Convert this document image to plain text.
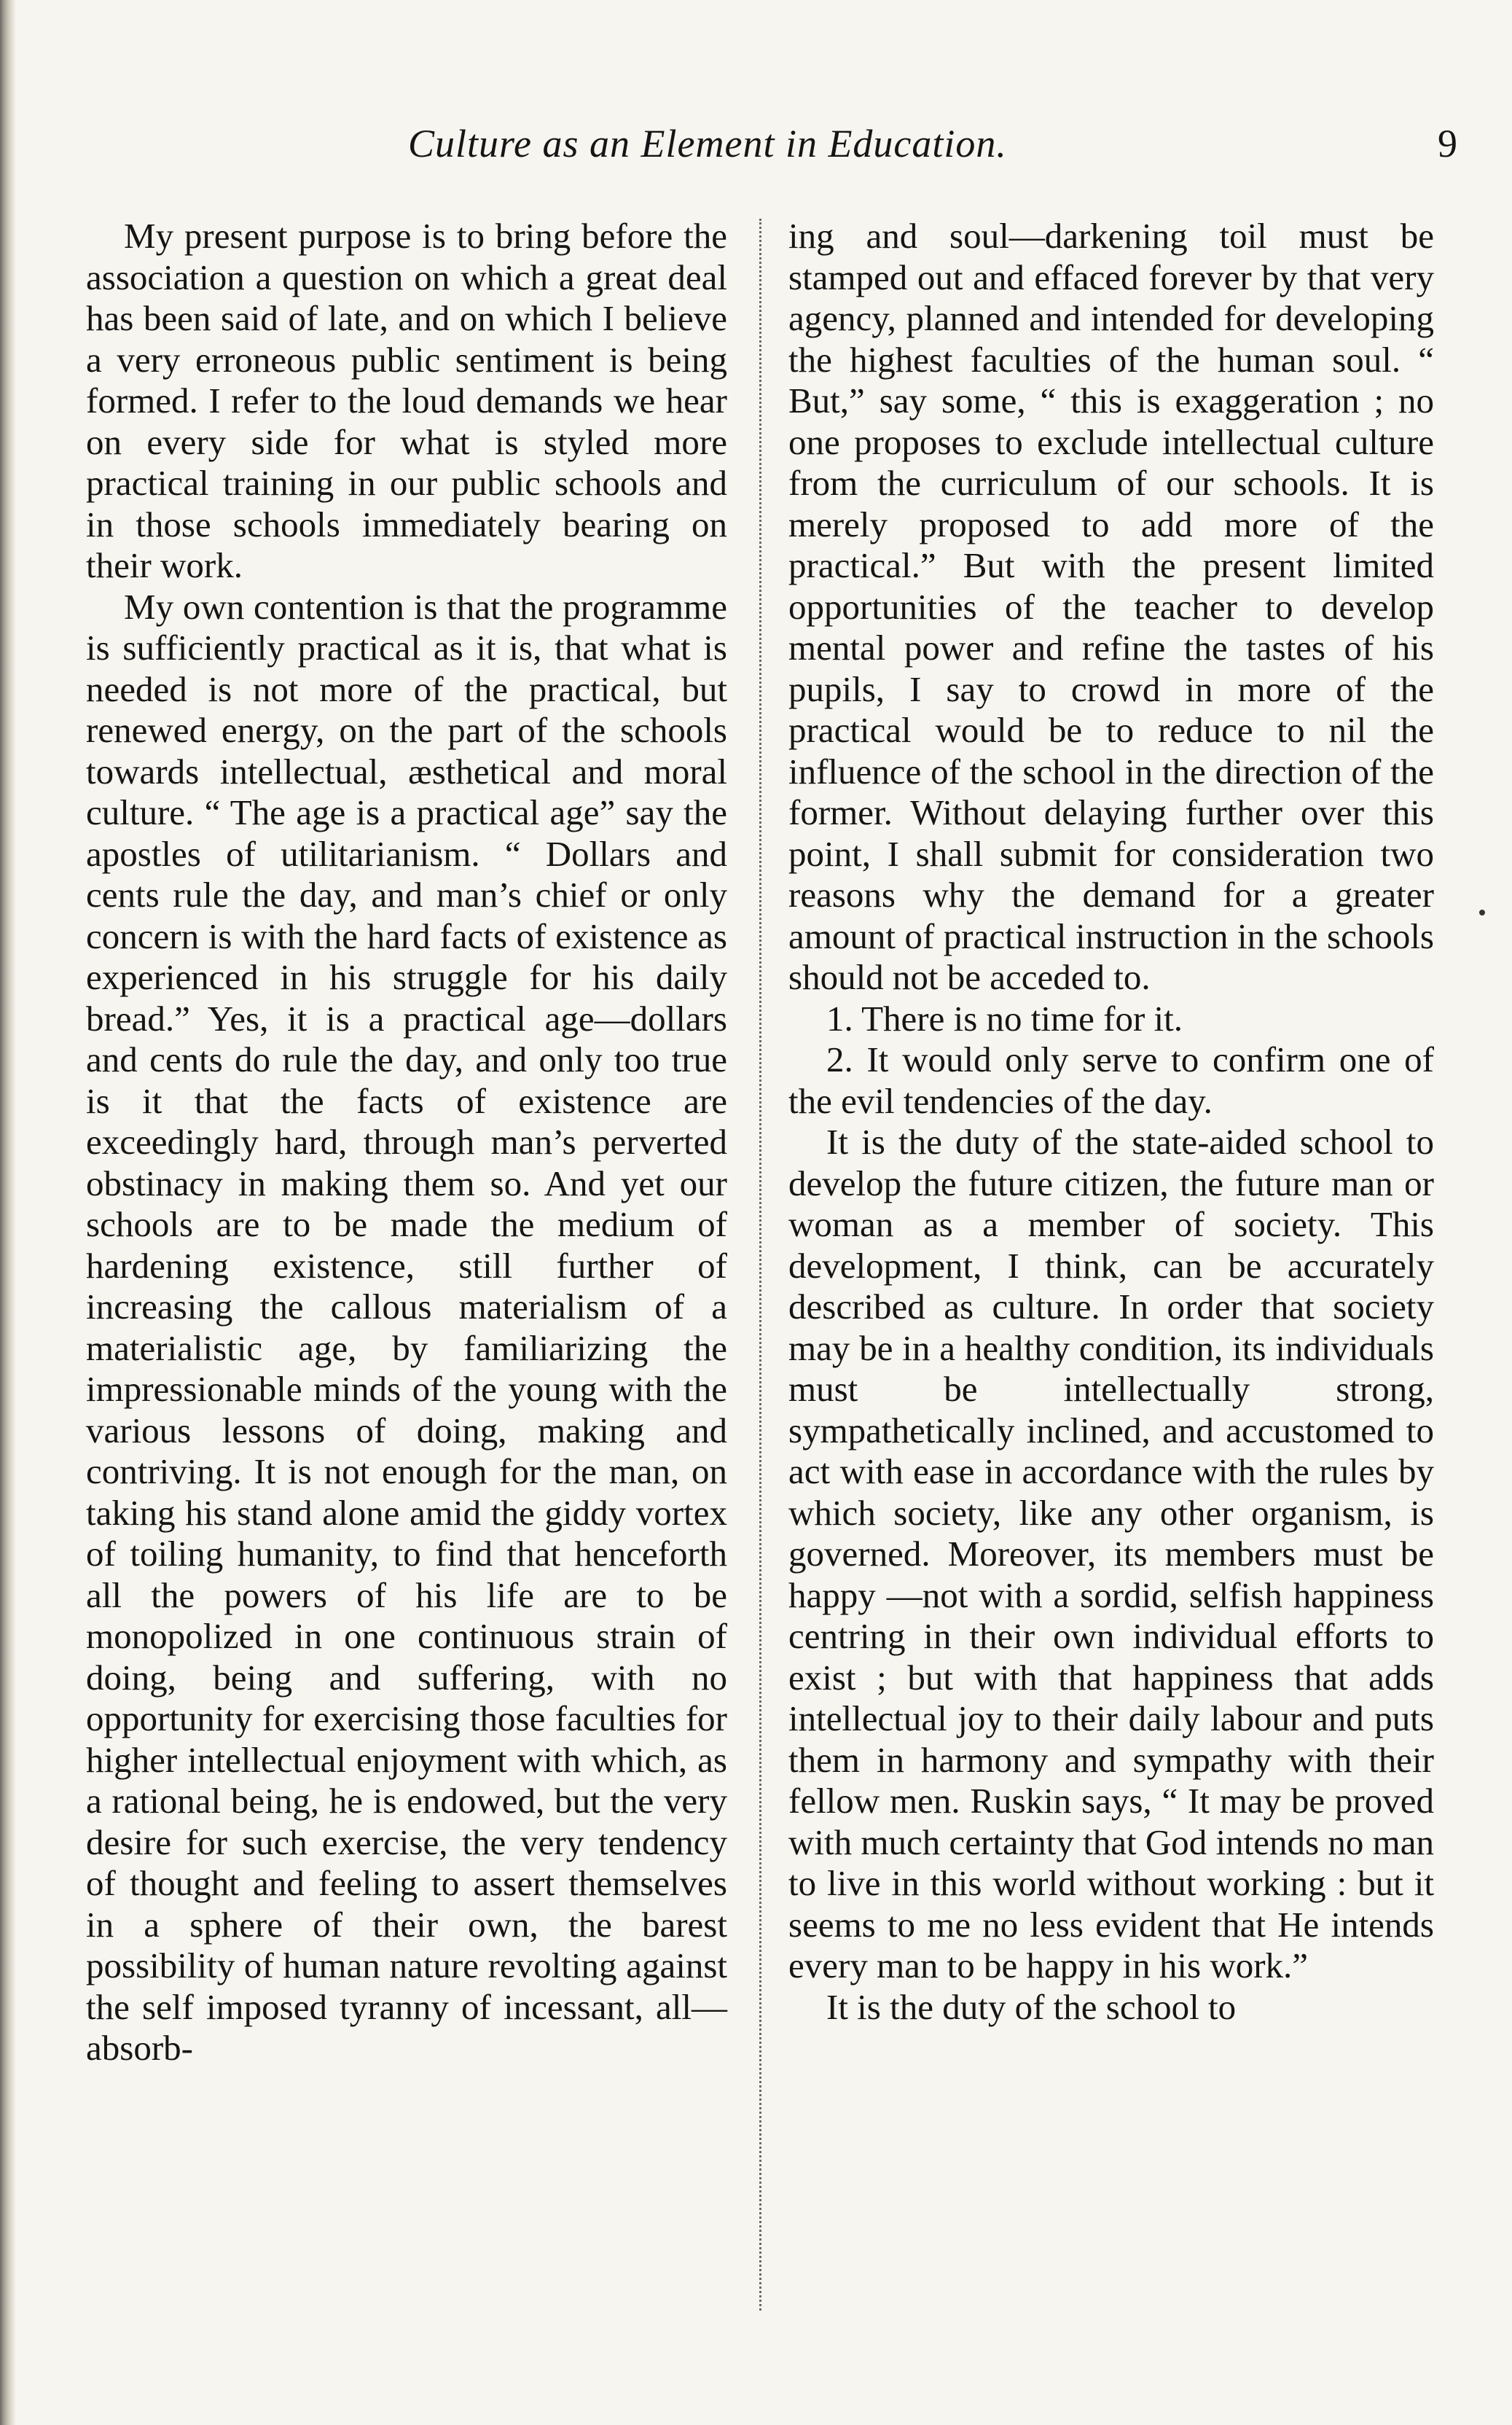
Culture as an Element in Education.	9

My present purpose is to bring before the association a question on which a great deal has been said of late, and on which I believe a very erroneous public sentiment is being formed. I refer to the loud demands we hear on every side for what is styled more practical training in our public schools and in those schools immediately bearing on their work.

My own contention is that the programme is sufficiently practical as it is, that what is needed is not more of the practical, but renewed energy, on the part of the schools towards intellectual, æsthetical and moral culture. “ The age is a practical age” say the apostles of utilitarianism. “ Dollars and cents rule the day, and man’s chief or only concern is with the hard facts of existence as experienced in his struggle for his daily bread.” Yes, it is a practical age—dollars and cents do rule the day, and only too true is it that the facts of existence are exceedingly hard, through man’s perverted obstinacy in making them so. And yet our schools are to be made the medium of hardening existence, still further of increasing the callous materialism of a materialistic age, by familiarizing the impressionable minds of the young with the various lessons of doing, making and contriving. It is not enough for the man, on taking his stand alone amid the giddy vortex of toiling humanity, to find that henceforth all the powers of his life are to be monopolized in one continuous strain of doing, being and suffering, with no opportunity for exercising those faculties for higher intellectual enjoyment with which, as a rational being, he is endowed, but the very desire for such exercise, the very tendency of thought and feeling to assert themselves in a sphere of their own, the barest possibility of human nature revolting against the self imposed tyranny of incessant, all—absorb-

ing and soul—darkening toil must be stamped out and effaced forever by that very agency, planned and intended for developing the highest faculties of the human soul. “ But,” say some, “ this is exaggeration ; no one proposes to exclude intellectual culture from the curriculum of our schools. It is merely proposed to add more of the practical.” But with the present limited opportunities of the teacher to develop mental power and refine the tastes of his pupils, I say to crowd in more of the practical would be to reduce to nil the influence of the school in the direction of the former. Without delaying further over this point, I shall submit for consideration two reasons why the demand for a greater amount of practical instruction in the schools should not be acceded to.

1. There is no time for it.

2. It would only serve to confirm one of the evil tendencies of the day.

It is the duty of the state-aided school to develop the future citizen, the future man or woman as a member of society. This development, I think, can be accurately described as culture. In order that society may be in a healthy condition, its individuals must be intellectually strong, sympathetically inclined, and accustomed to act with ease in accordance with the rules by which society, like any other organism, is governed. Moreover, its members must be happy —not with a sordid, selfish happiness centring in their own individual efforts to exist ; but with that happiness that adds intellectual joy to their daily labour and puts them in harmony and sympathy with their fellow men. Ruskin says, “ It may be proved with much certainty that God intends no man to live in this world without working : but it seems to me no less evident that He intends every man to be happy in his work.”

It is the duty of the school to
